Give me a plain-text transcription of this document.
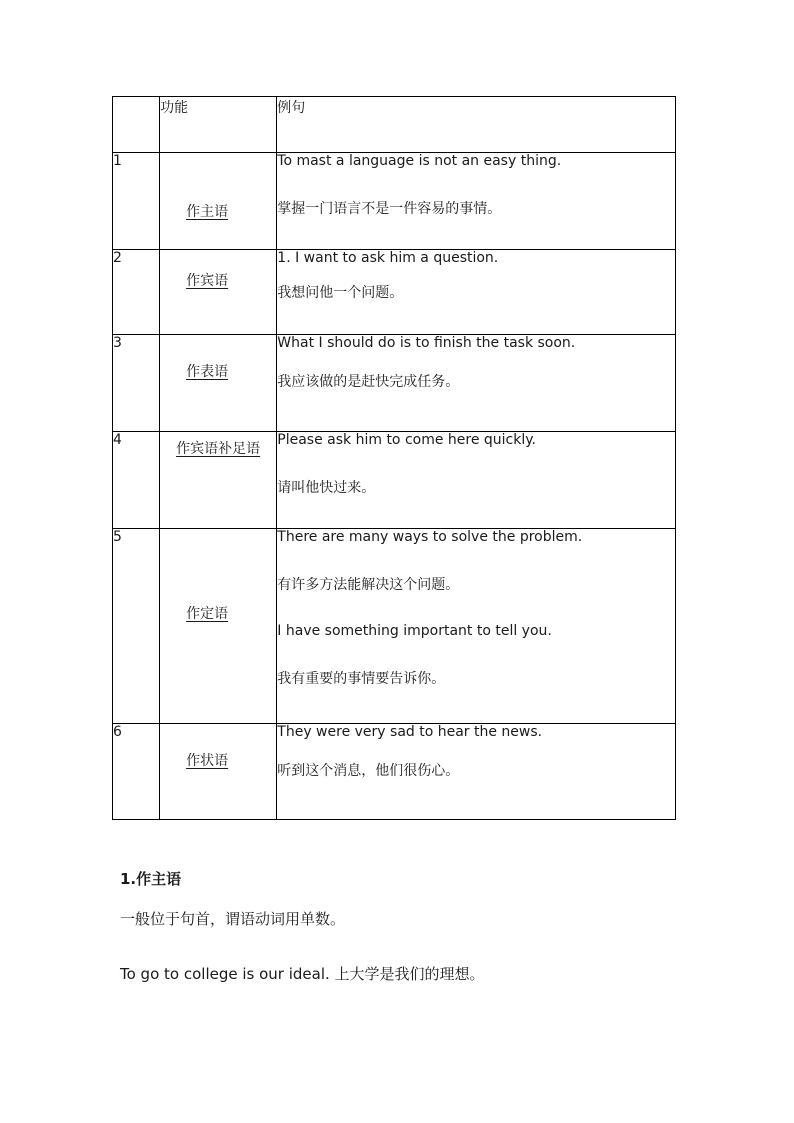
	功能	例句
1	作主语	To mast a language is not an easy thing.

掌握一门语言不是一件容易的事情。

2	作宾语	1. I want to ask him a question.

我想问他一个问题。

3	作表语	What I should do is to finish the task soon.

我应该做的是赶快完成任务。

4	作宾语补足语	Please ask him to come here quickly.

请叫他快过来。

5	作定语	There are many ways to solve the problem.

有许多方法能解决这个问题。

I have something important to tell you.

我有重要的事情要告诉你。

6	作状语	They were very sad to hear the news.

听到这个消息，他们很伤心。

1.作主语

一般位于句首，谓语动词用单数。

To go to college is our ideal. 上大学是我们的理想。
